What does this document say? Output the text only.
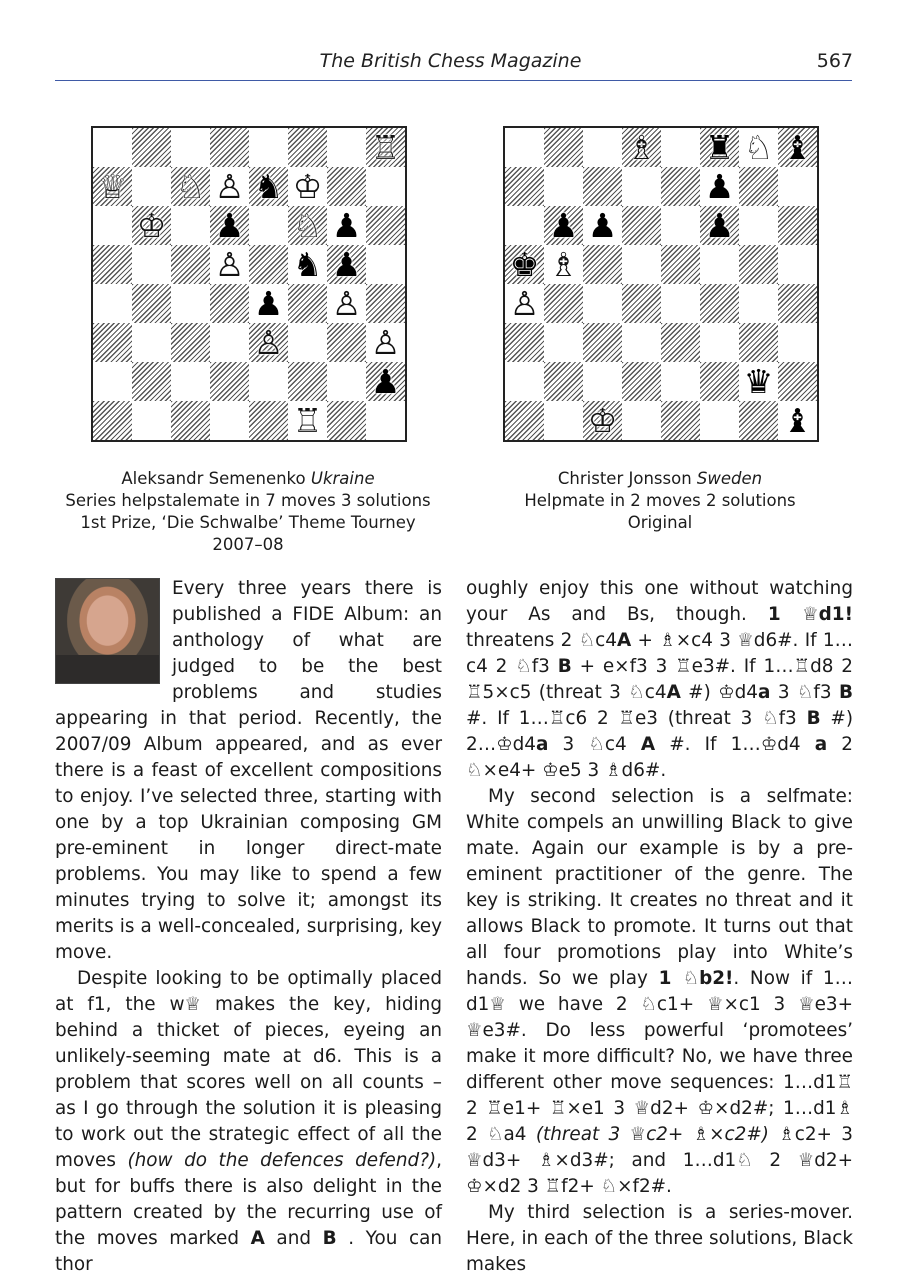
The British Chess Magazine	567
♖
♕ ♘ ♙ ♞ ♔
♔ ♟ ♘ ♟
♙ ♞ ♟
♟ ♙
♙	♙
♟
♖
♗ ♜ ♘ ♝
♟
♟ ♟	♟
♚ ♗
♙
♛
♔	♝
Aleksandr Semenenko Ukraine
Series helpstalemate in 7 moves 3 solutions
1st Prize, ‘Die Schwalbe’ Theme Tourney
2007–08
Christer Jonsson Sweden
Helpmate in 2 moves 2 solutions
Original

Every three years there is published a FIDE Album: an anthology of what are judged to be the best problems and studies appearing in that period. Recently, the 2007/09 Album appeared, and as ever there is a feast of excellent compositions to enjoy. I’ve selected three, starting with one by a top Ukrainian composing GM pre-eminent in longer direct-mate problems. You may like to spend a few minutes trying to solve it; amongst its merits is a well-concealed, surprising, key move.

Despite looking to be optimally placed at f1, the w♕ makes the key, hiding behind a thicket of pieces, eyeing an unlikely-seeming mate at d6. This is a problem that scores well on all counts – as I go through the solution it is pleasing to work out the strategic effect of all the moves (how do the defences defend?), but for buffs there is also delight in the pattern created by the recurring use of the moves marked A and B . You can thor

oughly enjoy this one without watching your As and Bs, though. 1 ♕d1! threatens 2 ♘c4A + ♗×c4 3 ♕d6#. If 1…c4 2 ♘f3 B + e×f3 3 ♖e3#. If 1…♖d8 2 ♖5×c5 (threat 3 ♘c4A #) ♔d4a 3 ♘f3 B #. If 1…♖c6 2 ♖e3 (threat 3 ♘f3 B #) 2…♔d4a 3 ♘c4 A #. If 1…♔d4 a 2 ♘×e4+ ♔e5 3 ♗d6#.

My second selection is a selfmate: White compels an unwilling Black to give mate. Again our example is by a pre-eminent practitioner of the genre. The key is striking. It creates no threat and it allows Black to promote. It turns out that all four promotions play into White’s hands. So we play 1 ♘b2!. Now if 1…d1♕ we have 2 ♘c1+ ♕×c1 3 ♕e3+ ♕e3#. Do less powerful ‘promotees’ make it more difficult? No, we have three different other move sequences: 1…d1♖ 2 ♖e1+ ♖×e1 3 ♕d2+ ♔×d2#; 1…d1♗ 2 ♘a4 (threat 3 ♕c2+ ♗×c2#) ♗c2+ 3 ♕d3+ ♗×d3#; and 1…d1♘ 2 ♕d2+ ♔×d2 3 ♖f2+ ♘×f2#.

My third selection is a series-mover. Here, in each of the three solutions, Black makes
